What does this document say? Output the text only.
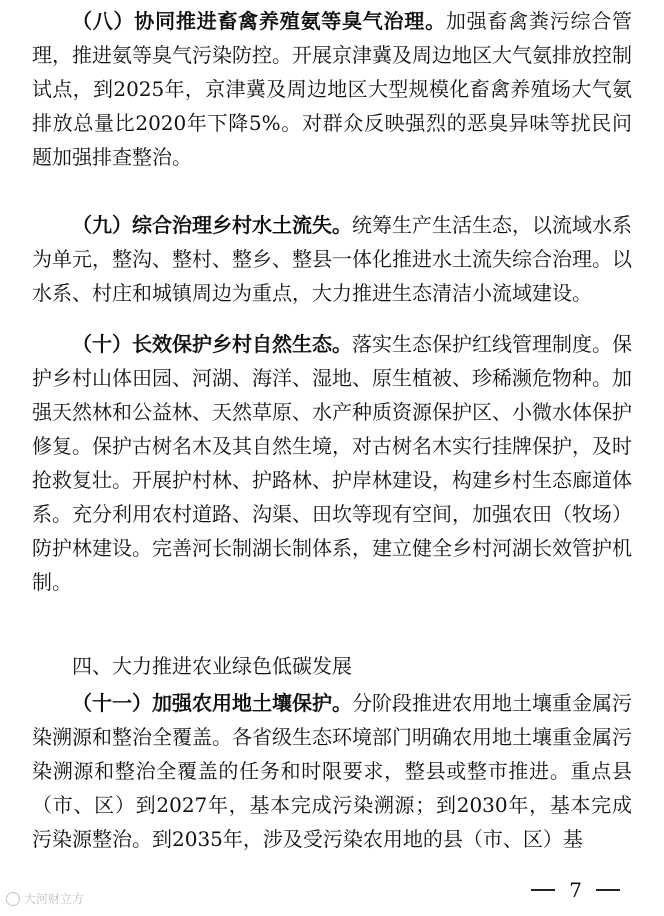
（八）协同推进畜禽养殖氨等臭气治理。加强畜禽粪污综合管理，推进氨等臭气污染防控。开展京津冀及周边地区大气氨排放控制试点，到2025年，京津冀及周边地区大型规模化畜禽养殖场大气氨排放总量比2020年下降5%。对群众反映强烈的恶臭异味等扰民问题加强排查整治。

（九）综合治理乡村水土流失。统筹生产生活生态，以流域水系为单元，整沟、整村、整乡、整县一体化推进水土流失综合治理。以水系、村庄和城镇周边为重点，大力推进生态清洁小流域建设。

（十）长效保护乡村自然生态。落实生态保护红线管理制度。保护乡村山体田园、河湖、海洋、湿地、原生植被、珍稀濒危物种。加强天然林和公益林、天然草原、水产种质资源保护区、小微水体保护修复。保护古树名木及其自然生境，对古树名木实行挂牌保护，及时抢救复壮。开展护村林、护路林、护岸林建设，构建乡村生态廊道体系。充分利用农村道路、沟渠、田坎等现有空间，加强农田（牧场）防护林建设。完善河长制湖长制体系，建立健全乡村河湖长效管护机制。

四、大力推进农业绿色低碳发展

（十一）加强农用地土壤保护。分阶段推进农用地土壤重金属污染溯源和整治全覆盖。各省级生态环境部门明确农用地土壤重金属污染溯源和整治全覆盖的任务和时限要求，整县或整市推进。重点县（市、区）到2027年，基本完成污染溯源；到2030年，基本完成污染源整治。到2035年，涉及受污染农用地的县（市、区）基

7
大河财立方
